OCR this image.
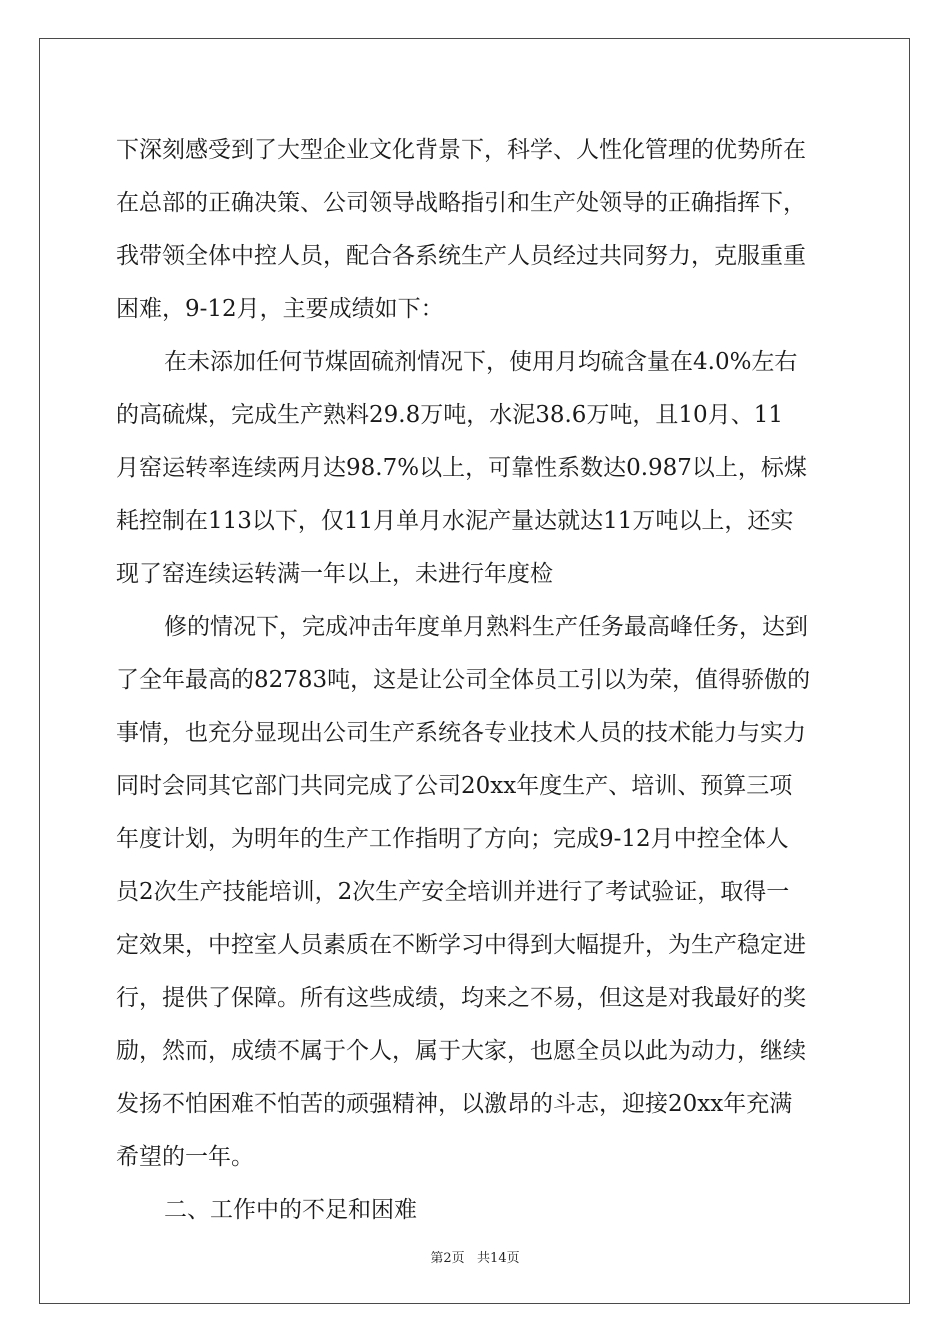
下深刻感受到了大型企业文化背景下，科学、人性化管理的优势所在
在总部的正确决策、公司领导战略指引和生产处领导的正确指挥下，
我带领全体中控人员，配合各系统生产人员经过共同努力，克服重重
困难，9-12月，主要成绩如下：
在未添加任何节煤固硫剂情况下，使用月均硫含量在4.0%左右
的高硫煤，完成生产熟料29.8万吨，水泥38.6万吨，且10月、11
月窑运转率连续两月达98.7%以上，可靠性系数达0.987以上，标煤
耗控制在113以下，仅11月单月水泥产量达就达11万吨以上，还实
现了窑连续运转满一年以上，未进行年度检
修的情况下，完成冲击年度单月熟料生产任务最高峰任务，达到
了全年最高的82783吨，这是让公司全体员工引以为荣，值得骄傲的
事情，也充分显现出公司生产系统各专业技术人员的技术能力与实力
同时会同其它部门共同完成了公司20xx年度生产、培训、预算三项
年度计划，为明年的生产工作指明了方向；完成9-12月中控全体人
员2次生产技能培训，2次生产安全培训并进行了考试验证，取得一
定效果，中控室人员素质在不断学习中得到大幅提升，为生产稳定进
行，提供了保障。所有这些成绩，均来之不易，但这是对我最好的奖
励，然而，成绩不属于个人，属于大家，也愿全员以此为动力，继续
发扬不怕困难不怕苦的顽强精神，以激昂的斗志，迎接20xx年充满
希望的一年。
二、工作中的不足和困难
第2页   共14页
